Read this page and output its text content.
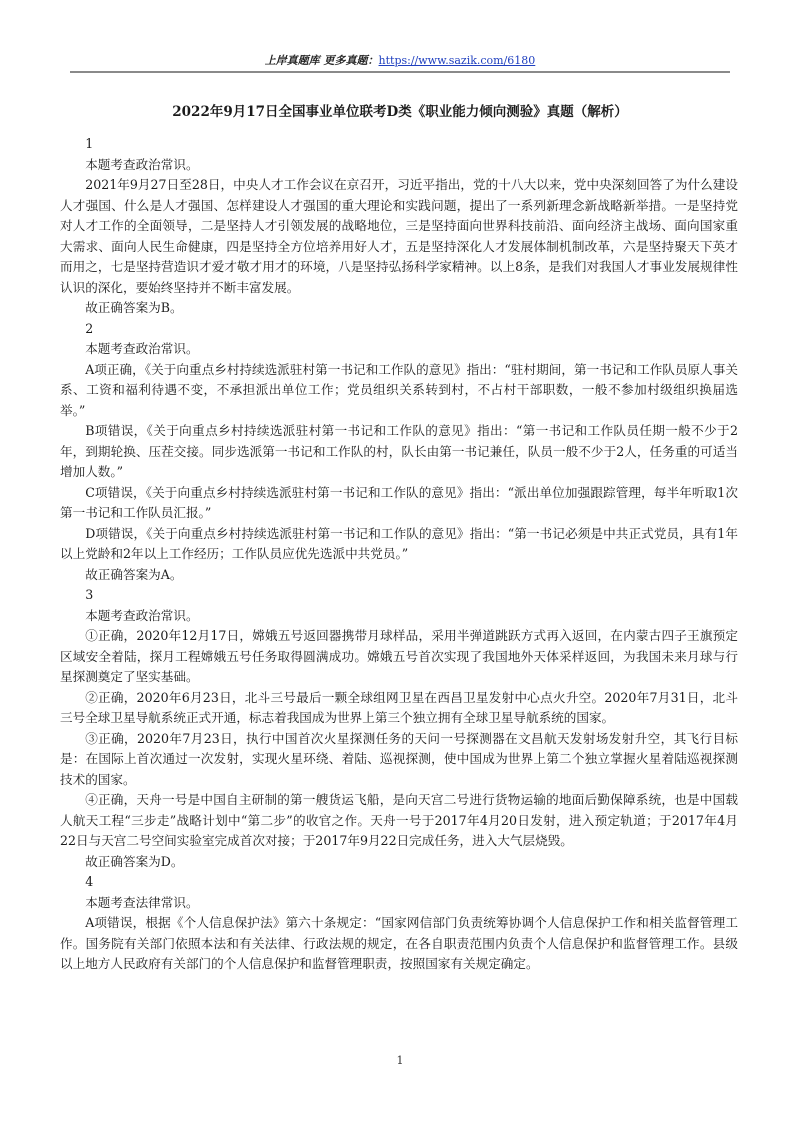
上岸真题库 更多真题：https://www.sazik.com/6180
2022年9月17日全国事业单位联考D类《职业能力倾向测验》真题（解析）

1

本题考查政治常识。

2021年9月27日至28日，中央人才工作会议在京召开，习近平指出，党的十八大以来，党中央深刻回答了为什么建设人才强国、什么是人才强国、怎样建设人才强国的重大理论和实践问题，提出了一系列新理念新战略新举措。一是坚持党对人才工作的全面领导，二是坚持人才引领发展的战略地位，三是坚持面向世界科技前沿、面向经济主战场、面向国家重大需求、面向人民生命健康，四是坚持全方位培养用好人才，五是坚持深化人才发展体制机制改革，六是坚持聚天下英才而用之，七是坚持营造识才爱才敬才用才的环境，八是坚持弘扬科学家精神。以上8条，是我们对我国人才事业发展规律性认识的深化，要始终坚持并不断丰富发展。

故正确答案为B。

2

本题考查政治常识。

A项正确，《关于向重点乡村持续选派驻村第一书记和工作队的意见》指出：“驻村期间，第一书记和工作队员原人事关系、工资和福利待遇不变，不承担派出单位工作；党员组织关系转到村，不占村干部职数，一般不参加村级组织换届选举。”

B项错误，《关于向重点乡村持续选派驻村第一书记和工作队的意见》指出：“第一书记和工作队员任期一般不少于2年，到期轮换、压茬交接。同步选派第一书记和工作队的村，队长由第一书记兼任，队员一般不少于2人，任务重的可适当增加人数。”

C项错误，《关于向重点乡村持续选派驻村第一书记和工作队的意见》指出：“派出单位加强跟踪管理，每半年听取1次第一书记和工作队员汇报。”

D项错误，《关于向重点乡村持续选派驻村第一书记和工作队的意见》指出：“第一书记必须是中共正式党员，具有1年以上党龄和2年以上工作经历；工作队员应优先选派中共党员。”

故正确答案为A。

3

本题考查政治常识。

①正确，2020年12月17日，嫦娥五号返回器携带月球样品，采用半弹道跳跃方式再入返回，在内蒙古四子王旗预定区域安全着陆，探月工程嫦娥五号任务取得圆满成功。嫦娥五号首次实现了我国地外天体采样返回，为我国未来月球与行星探测奠定了坚实基础。

②正确，2020年6月23日，北斗三号最后一颗全球组网卫星在西昌卫星发射中心点火升空。2020年7月31日，北斗三号全球卫星导航系统正式开通，标志着我国成为世界上第三个独立拥有全球卫星导航系统的国家。

③正确，2020年7月23日，执行中国首次火星探测任务的天问一号探测器在文昌航天发射场发射升空，其飞行目标是：在国际上首次通过一次发射，实现火星环绕、着陆、巡视探测，使中国成为世界上第二个独立掌握火星着陆巡视探测技术的国家。

④正确，天舟一号是中国自主研制的第一艘货运飞船，是向天宫二号进行货物运输的地面后勤保障系统，也是中国载人航天工程“三步走”战略计划中“第二步”的收官之作。天舟一号于2017年4月20日发射，进入预定轨道；于2017年4月22日与天宫二号空间实验室完成首次对接；于2017年9月22日完成任务，进入大气层烧毁。

故正确答案为D。

4

本题考查法律常识。

A项错误，根据《个人信息保护法》第六十条规定：“国家网信部门负责统筹协调个人信息保护工作和相关监督管理工作。国务院有关部门依照本法和有关法律、行政法规的规定，在各自职责范围内负责个人信息保护和监督管理工作。县级以上地方人民政府有关部门的个人信息保护和监督管理职责，按照国家有关规定确定。

1
